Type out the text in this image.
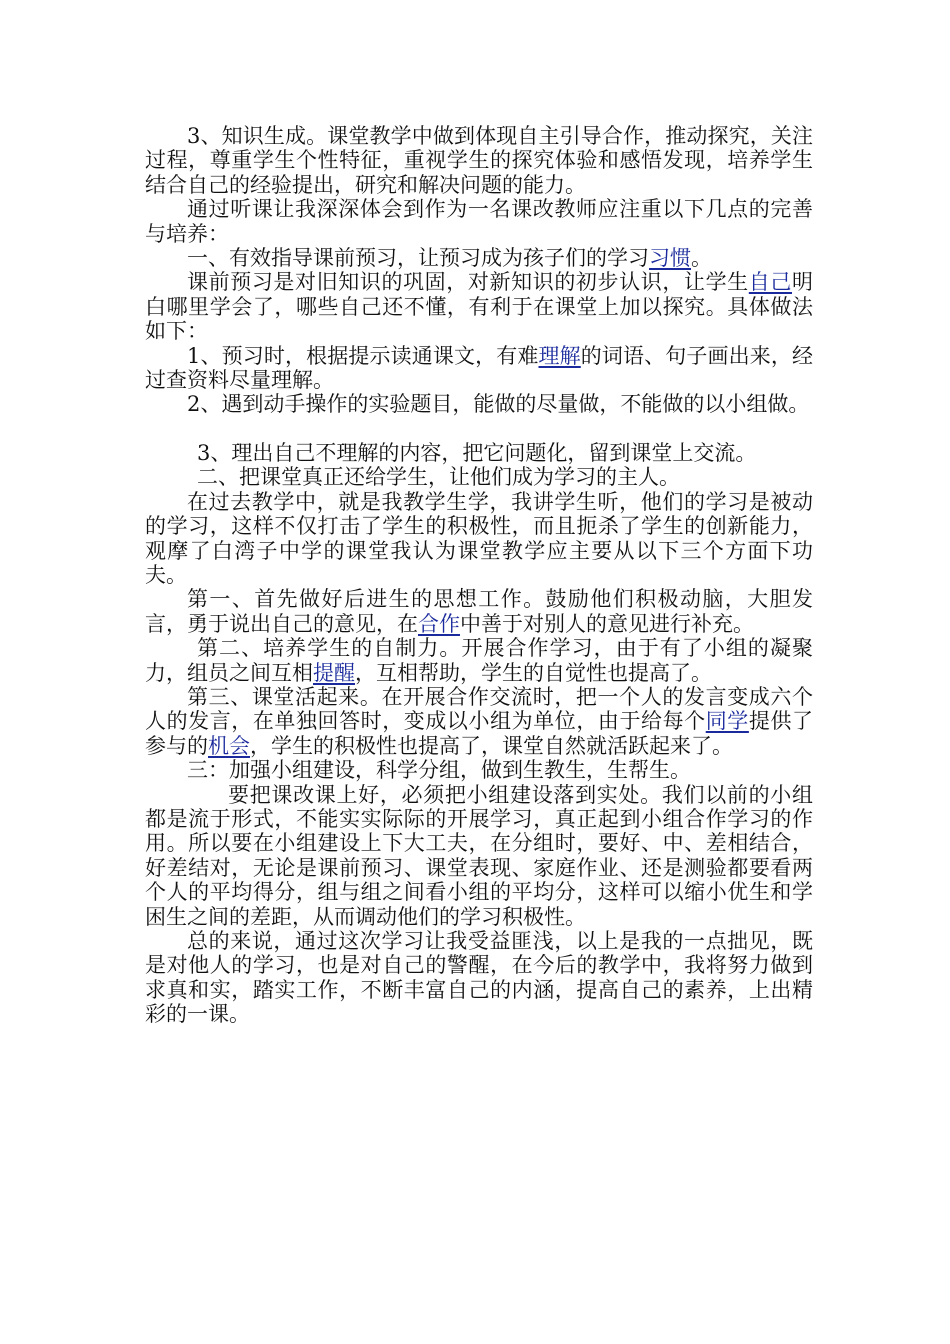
3、知识生成。课堂教学中做到体现自主引导合作，推动探究，关注过程，尊重学生个性特征，重视学生的探究体验和感悟发现，培养学生结合自己的经验提出，研究和解决问题的能力。

通过听课让我深深体会到作为一名课改教师应注重以下几点的完善与培养：

一、有效指导课前预习，让预习成为孩子们的学习习惯。

课前预习是对旧知识的巩固，对新知识的初步认识，让学生自己明白哪里学会了，哪些自己还不懂，有利于在课堂上加以探究。具体做法如下：

1、预习时，根据提示读通课文，有难理解的词语、句子画出来，经过查资料尽量理解。

2、遇到动手操作的实验题目，能做的尽量做，不能做的以小组做。

3、理出自己不理解的内容，把它问题化，留到课堂上交流。

二、把课堂真正还给学生，让他们成为学习的主人。

在过去教学中，就是我教学生学，我讲学生听，他们的学习是被动的学习，这样不仅打击了学生的积极性，而且扼杀了学生的创新能力，观摩了白湾子中学的课堂我认为课堂教学应主要从以下三个方面下功夫。

第一、首先做好后进生的思想工作。鼓励他们积极动脑，大胆发言，勇于说出自己的意见，在合作中善于对别人的意见进行补充。

第二、培养学生的自制力。开展合作学习，由于有了小组的凝聚力，组员之间互相提醒，互相帮助，学生的自觉性也提高了。

第三、课堂活起来。在开展合作交流时，把一个人的发言变成六个人的发言，在单独回答时，变成以小组为单位，由于给每个同学提供了参与的机会，学生的积极性也提高了，课堂自然就活跃起来了。

三：加强小组建设，科学分组，做到生教生，生帮生。

要把课改课上好，必须把小组建设落到实处。我们以前的小组都是流于形式，不能实实际际的开展学习，真正起到小组合作学习的作用。所以要在小组建设上下大工夫，在分组时，要好、中、差相结合，好差结对，无论是课前预习、课堂表现、家庭作业、还是测验都要看两个人的平均得分，组与组之间看小组的平均分，这样可以缩小优生和学困生之间的差距，从而调动他们的学习积极性。

总的来说，通过这次学习让我受益匪浅，以上是我的一点拙见，既是对他人的学习，也是对自己的警醒，在今后的教学中，我将努力做到求真和实，踏实工作，不断丰富自己的内涵，提高自己的素养，上出精彩的一课。
